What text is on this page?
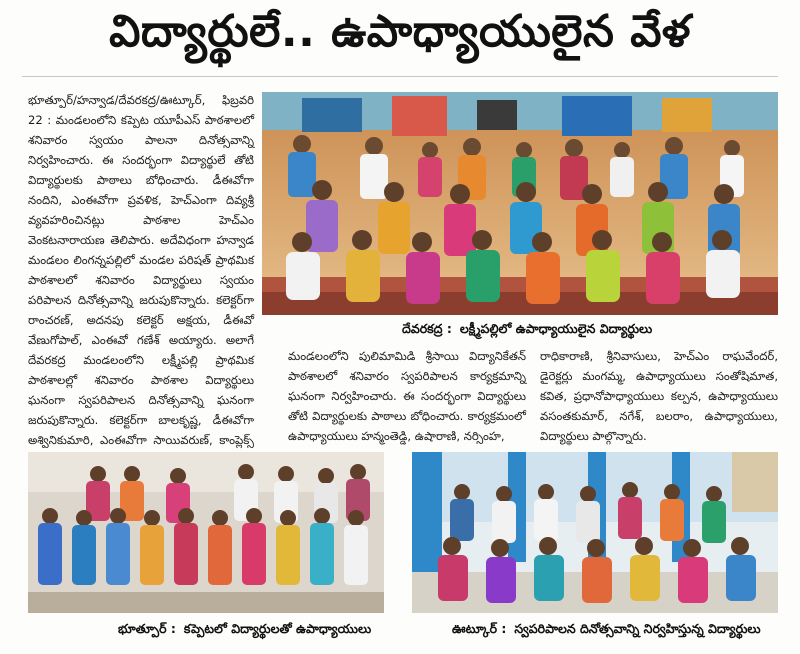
విద్యార్థులే.. ఉపాధ్యాయులైన వేళ

భూత్పూర్/హన్వాడ/దేవరకద్ర/ఊట్కూర్, ఫిబ్రవరి 22 : మండలంలోని కప్పెట యూపీఎస్ పాఠశాలలో శనివారం స్వయం పాలనా దినోత్సవాన్ని నిర్వహించారు. ఈ సందర్భంగా విద్యార్థులే తోటి విద్యార్థులకు పాఠాలు బోధించారు. డీఈవోగా నందిని, ఎంఈవోగా ప్రవళిక, హెచ్‌ఎంగా దివ్యశ్రీ వ్యవహరించినట్లు పాఠశాల హెచ్‌ఎం వెంకటనారాయణ తెలిపారు. అదేవిధంగా హన్వాడ మండలం లింగన్నపల్లిలో మండల పరిషత్ ప్రాథమిక పాఠశాలలో శనివారం విద్యార్థులు స్వయం పరిపాలన దినోత్సవాన్ని జరుపుకొన్నారు. కలెక్టర్‌గా రాంచరణ్, అదనపు కలెక్టర్ అక్షయ, డీఈవో వేణుగోపాల్, ఎంఈవో గణేశ్ అయ్యారు. అలాగే దేవరకద్ర మండలంలోని లక్ష్మీపల్లి ప్రాథమిక పాఠశాలల్లో శనివారం పాఠశాల విద్యార్థులు ఘనంగా స్వపరిపాలన దినోత్సవాన్ని ఘనంగా జరుపుకొన్నారు. కలెక్టర్‌గా బాలకృష్ణ, డీఈవోగా అశ్వినికుమారి, ఎంఈవోగా సాయివరుణ్, కాంప్లెక్స్

దేవరకద్ర : లక్ష్మీపల్లిలో ఉపాధ్యాయులైన విద్యార్థులు

మండలంలోని పులిమామిడి శ్రీసాయి విద్యానికేతన్ పాఠశాలలో శనివారం స్వపరిపాలన కార్యక్రమాన్ని ఘనంగా నిర్వహించారు. ఈ సందర్భంగా విద్యార్థులు తోటి విద్యార్థులకు పాఠాలు బోధించారు. కార్యక్రమంలో ఉపాధ్యాయులు హన్మంతెడ్డి, ఉషారాణి, నర్సింహ,

రాధికారాణి, శ్రీనివాసులు, హెచ్‌ఎం రాఘవేందర్, డైరెక్టర్లు మంగమ్మ, ఉపాధ్యాయులు సంతోషిమాత, కవిత, ప్రధానోపాధ్యాయులు కల్పన, ఉపాధ్యాయులు వసంతకుమార్, నగేశ్, బలరాం, ఉపాధ్యాయులు, విద్యార్థులు పాల్గొన్నారు.

భూత్పూర్ : కప్పెటలో విద్యార్థులతో ఉపాధ్యాయులు	ఊట్కూర్ : స్వపరిపాలన దినోత్సవాన్ని నిర్వహిస్తున్న విద్యార్థులు
